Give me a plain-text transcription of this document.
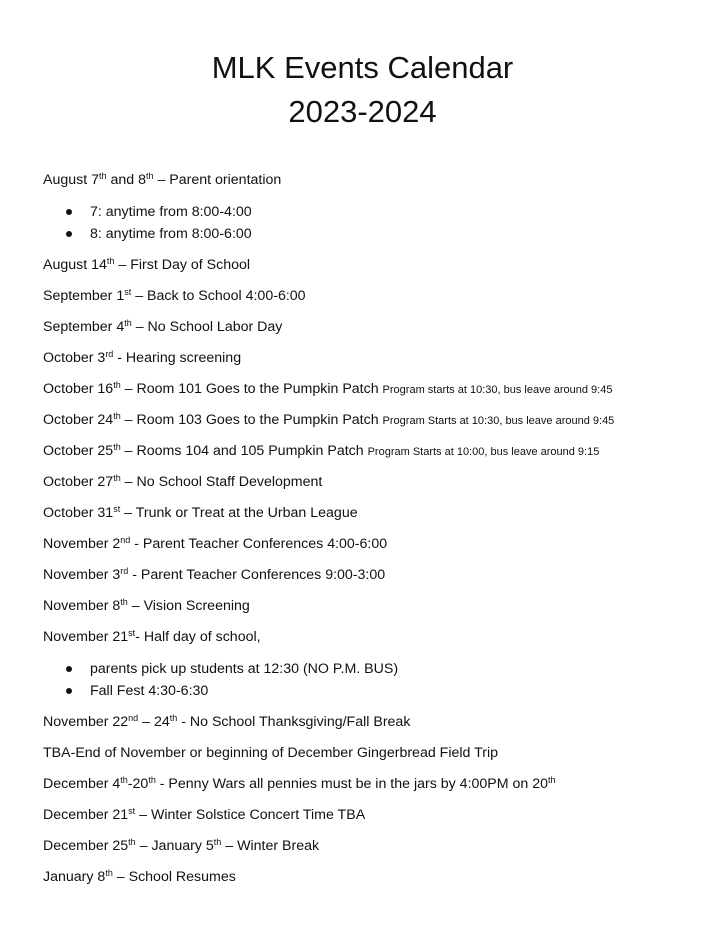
MLK Events Calendar
2023-2024
August 7th and 8th – Parent orientation
7: anytime from 8:00-4:00
8: anytime from 8:00-6:00
August 14th – First Day of School
September 1st – Back to School 4:00-6:00
September 4th – No School Labor Day
October 3rd - Hearing screening
October 16th – Room 101 Goes to the Pumpkin Patch Program starts at 10:30, bus leave around 9:45
October 24th – Room 103 Goes to the Pumpkin Patch Program Starts at 10:30, bus leave around 9:45
October 25th – Rooms 104 and 105 Pumpkin Patch Program Starts at 10:00, bus leave around 9:15
October 27th – No School Staff Development
October 31st – Trunk or Treat at the Urban League
November 2nd - Parent Teacher Conferences 4:00-6:00
November 3rd - Parent Teacher Conferences 9:00-3:00
November 8th – Vision Screening
November 21st- Half day of school,
parents pick up students at 12:30 (NO P.M. BUS)
Fall Fest 4:30-6:30
November 22nd – 24th - No School Thanksgiving/Fall Break
TBA-End of November or beginning of December Gingerbread Field Trip
December 4th-20th - Penny Wars all pennies must be in the jars by 4:00PM on 20th
December 21st – Winter Solstice Concert Time TBA
December 25th – January 5th – Winter Break
January 8th – School Resumes
